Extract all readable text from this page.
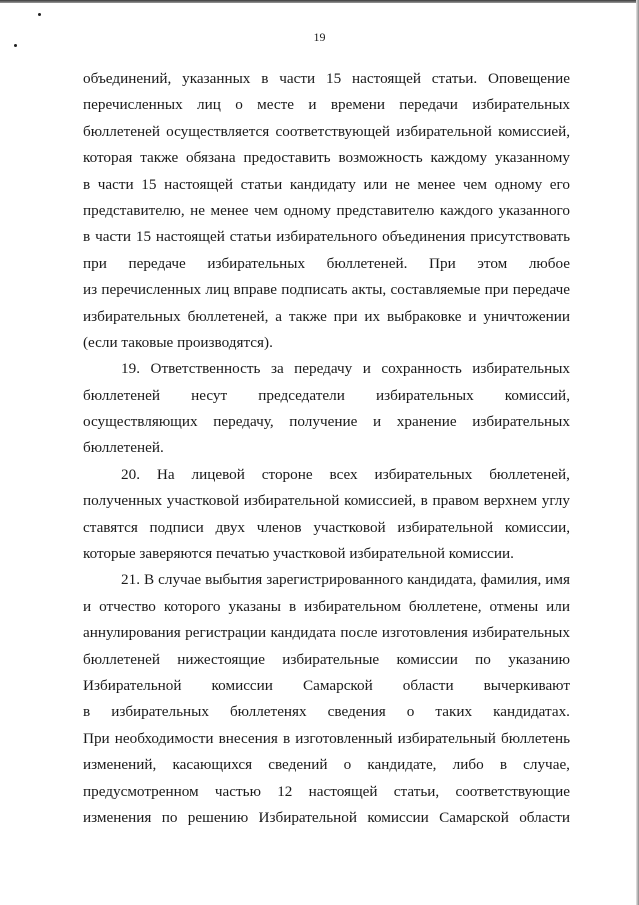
19
объединений, указанных в части 15 настоящей статьи. Оповещение
перечисленных лиц о месте и времени передачи избирательных
бюллетеней осуществляется соответствующей избирательной комиссией,
которая также обязана предоставить возможность каждому указанному
в части 15 настоящей статьи кандидату или не менее чем одному его
представителю, не менее чем одному представителю каждого указанного
в части 15 настоящей статьи избирательного объединения присутствовать
при передаче избирательных бюллетеней. При этом любое
из перечисленных лиц вправе подписать акты, составляемые при передаче
избирательных бюллетеней, а также при их выбраковке и уничтожении
(если таковые производятся).
19. Ответственность за передачу и сохранность избирательных
бюллетеней несут председатели избирательных комиссий,
осуществляющих передачу, получение и хранение избирательных
бюллетеней.
20. На лицевой стороне всех избирательных бюллетеней,
полученных участковой избирательной комиссией, в правом верхнем углу
ставятся подписи двух членов участковой избирательной комиссии,
которые заверяются печатью участковой избирательной комиссии.
21. В случае выбытия зарегистрированного кандидата, фамилия, имя
и отчество которого указаны в избирательном бюллетене, отмены или
аннулирования регистрации кандидата после изготовления избирательных
бюллетеней нижестоящие избирательные комиссии по указанию
Избирательной комиссии Самарской области вычеркивают
в избирательных бюллетенях сведения о таких кандидатах.
При необходимости внесения в изготовленный избирательный бюллетень
изменений, касающихся сведений о кандидате, либо в случае,
предусмотренном частью 12 настоящей статьи, соответствующие
изменения по решению Избирательной комиссии Самарской области
